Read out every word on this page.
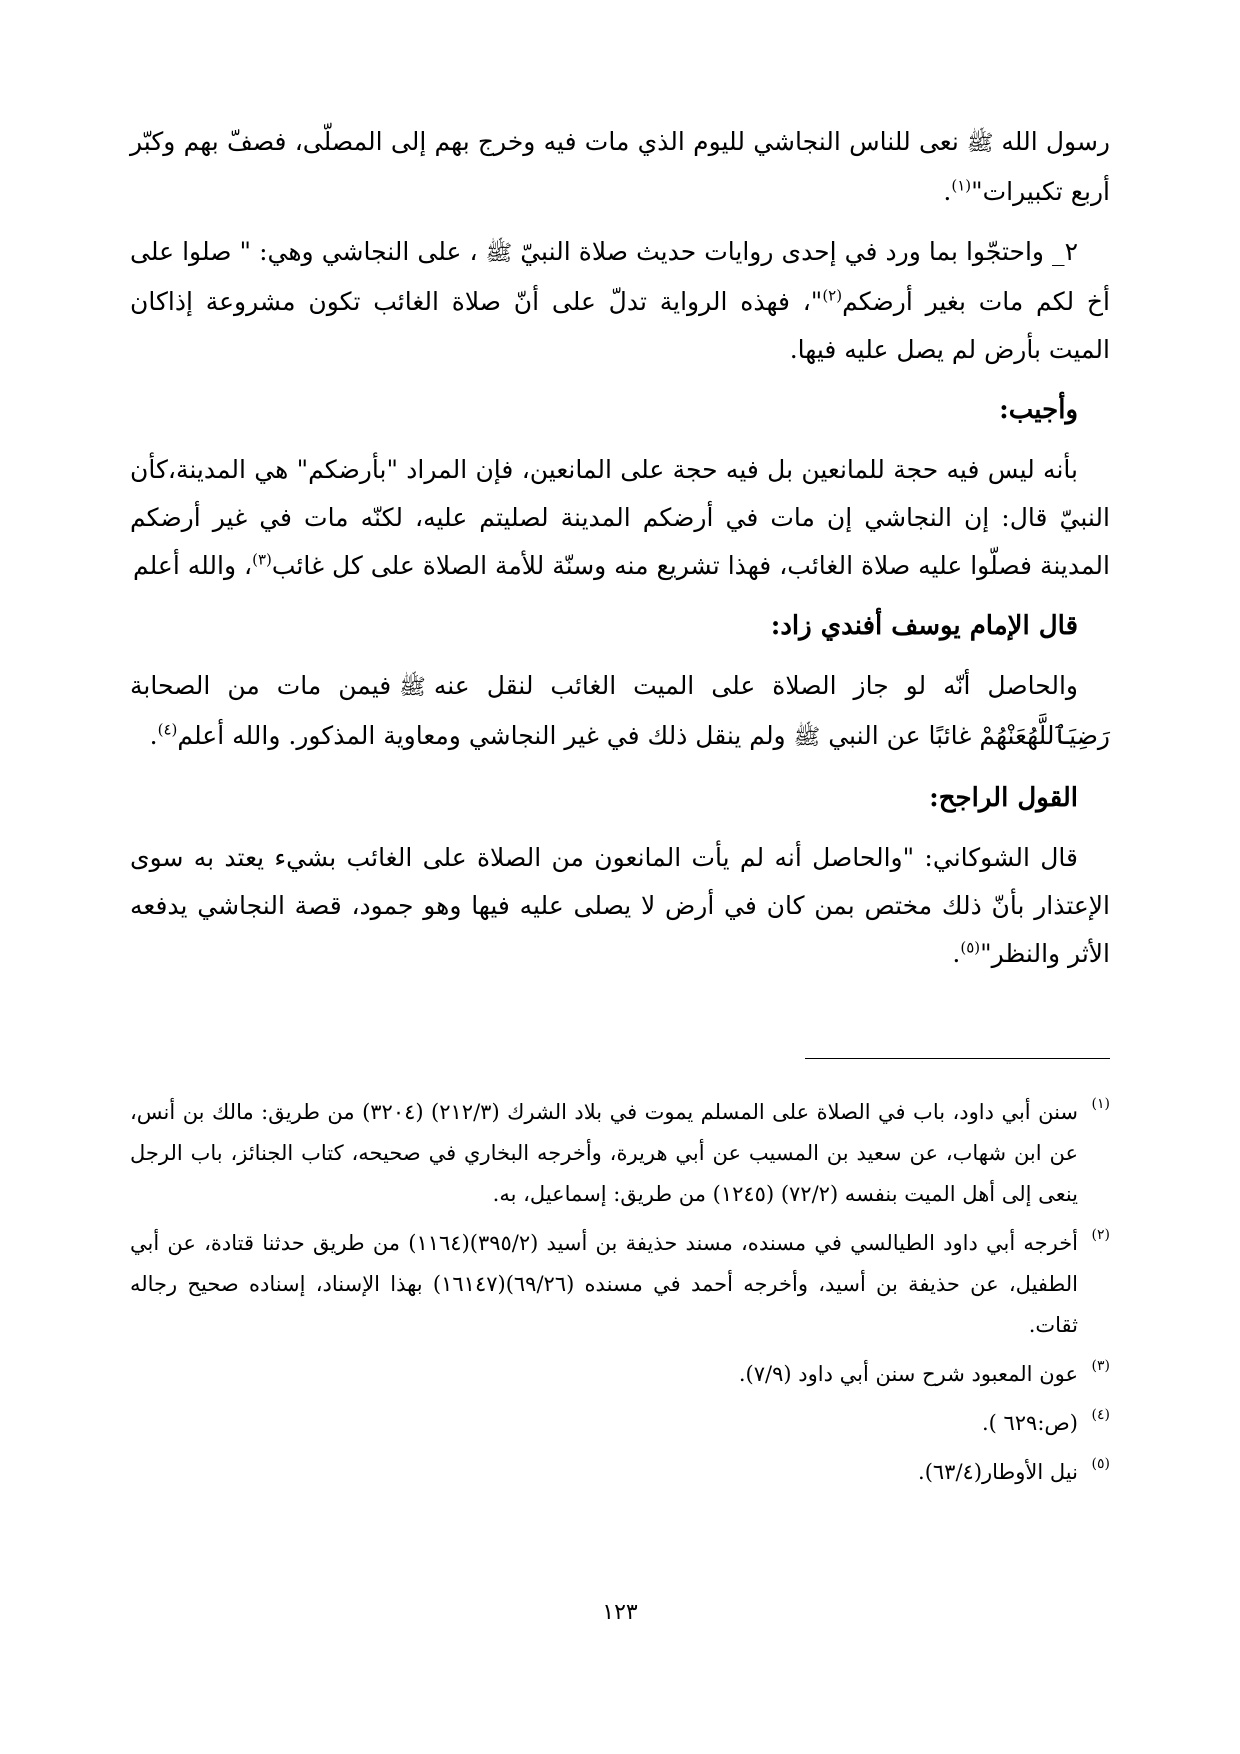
رسول اللهﷺنعى للناس النجاشي لليوم الذي مات فيه وخرج بهم إلى المصلّى، فصفّ بهم وكبّر أربع تكبيرات"$^{(١)}$.

٢_ واحتجّوا بما ورد في إحدى روايات حديث صلاة النبيّﷺ، على النجاشي وهي: " صلوا على أخ لكم مات بغير أرضكم$^{(٢)}$"، فهذه الرواية تدلّ على أنّ صلاة الغائب تكون مشروعة إذاكان الميت بأرض لم يصل عليه فيها.

وأجيب:

بأنه ليس فيه حجة للمانعين بل فيه حجة على المانعين، فإن المراد "بأرضكم" هي المدينة،كأن النبيّ قال: إن النجاشي إن مات في أرضكم المدينة لصليتم عليه، لكنّه مات في غير أرضكم المدينة فصلّوا عليه صلاة الغائب، فهذا تشريع منه وسنّة للأمة الصلاة على كل غائب$^{(٣)}$، والله أعلم

قال الإمام يوسف أفندي زاد:

والحاصل أنّه لو جاز الصلاة على الميت الغائب لنقل عنهﷺفيمن مات من الصحابة رَضِيَٱللَّهُعَنْهُمْ غائبًا عن النبيﷺولم ينقل ذلك في غير النجاشي ومعاوية المذكور. والله أعلم$^{(٤)}$.

القول الراجح:

قال الشوكاني: "والحاصل أنه لم يأت المانعون من الصلاة على الغائب بشيء يعتد به سوى الإعتذار بأنّ ذلك مختص بمن كان في أرض لا يصلى عليه فيها وهو جمود، قصة النجاشي يدفعه الأثر والنظر"$^{(٥)}$.

(١)
سنن أبي داود، باب في الصلاة على المسلم يموت في بلاد الشرك (٢١٢/٣) (٣٢٠٤) من طريق: مالك بن أنس، عن ابن شهاب، عن سعيد بن المسيب عن أبي هريرة، وأخرجه البخاري في صحيحه، كتاب الجنائز، باب الرجل ينعى إلى أهل الميت بنفسه (٧٢/٢) (١٢٤٥) من طريق: إسماعيل، به.
(٢)
أخرجه أبي داود الطيالسي في مسنده، مسند حذيفة بن أسيد (٣٩٥/٢)(١١٦٤) من طريق حدثنا قتادة، عن أبي الطفيل، عن حذيفة بن أسيد، وأخرجه أحمد في مسنده (٦٩/٢٦)(١٦١٤٧) بهذا الإسناد، إسناده صحيح رجاله ثقات.
(٣)
عون المعبود شرح سنن أبي داود (٧/٩).
(٤)
(ص:٦٢٩ ).
(٥)
نيل الأوطار(٦٣/٤).
١٢٣
